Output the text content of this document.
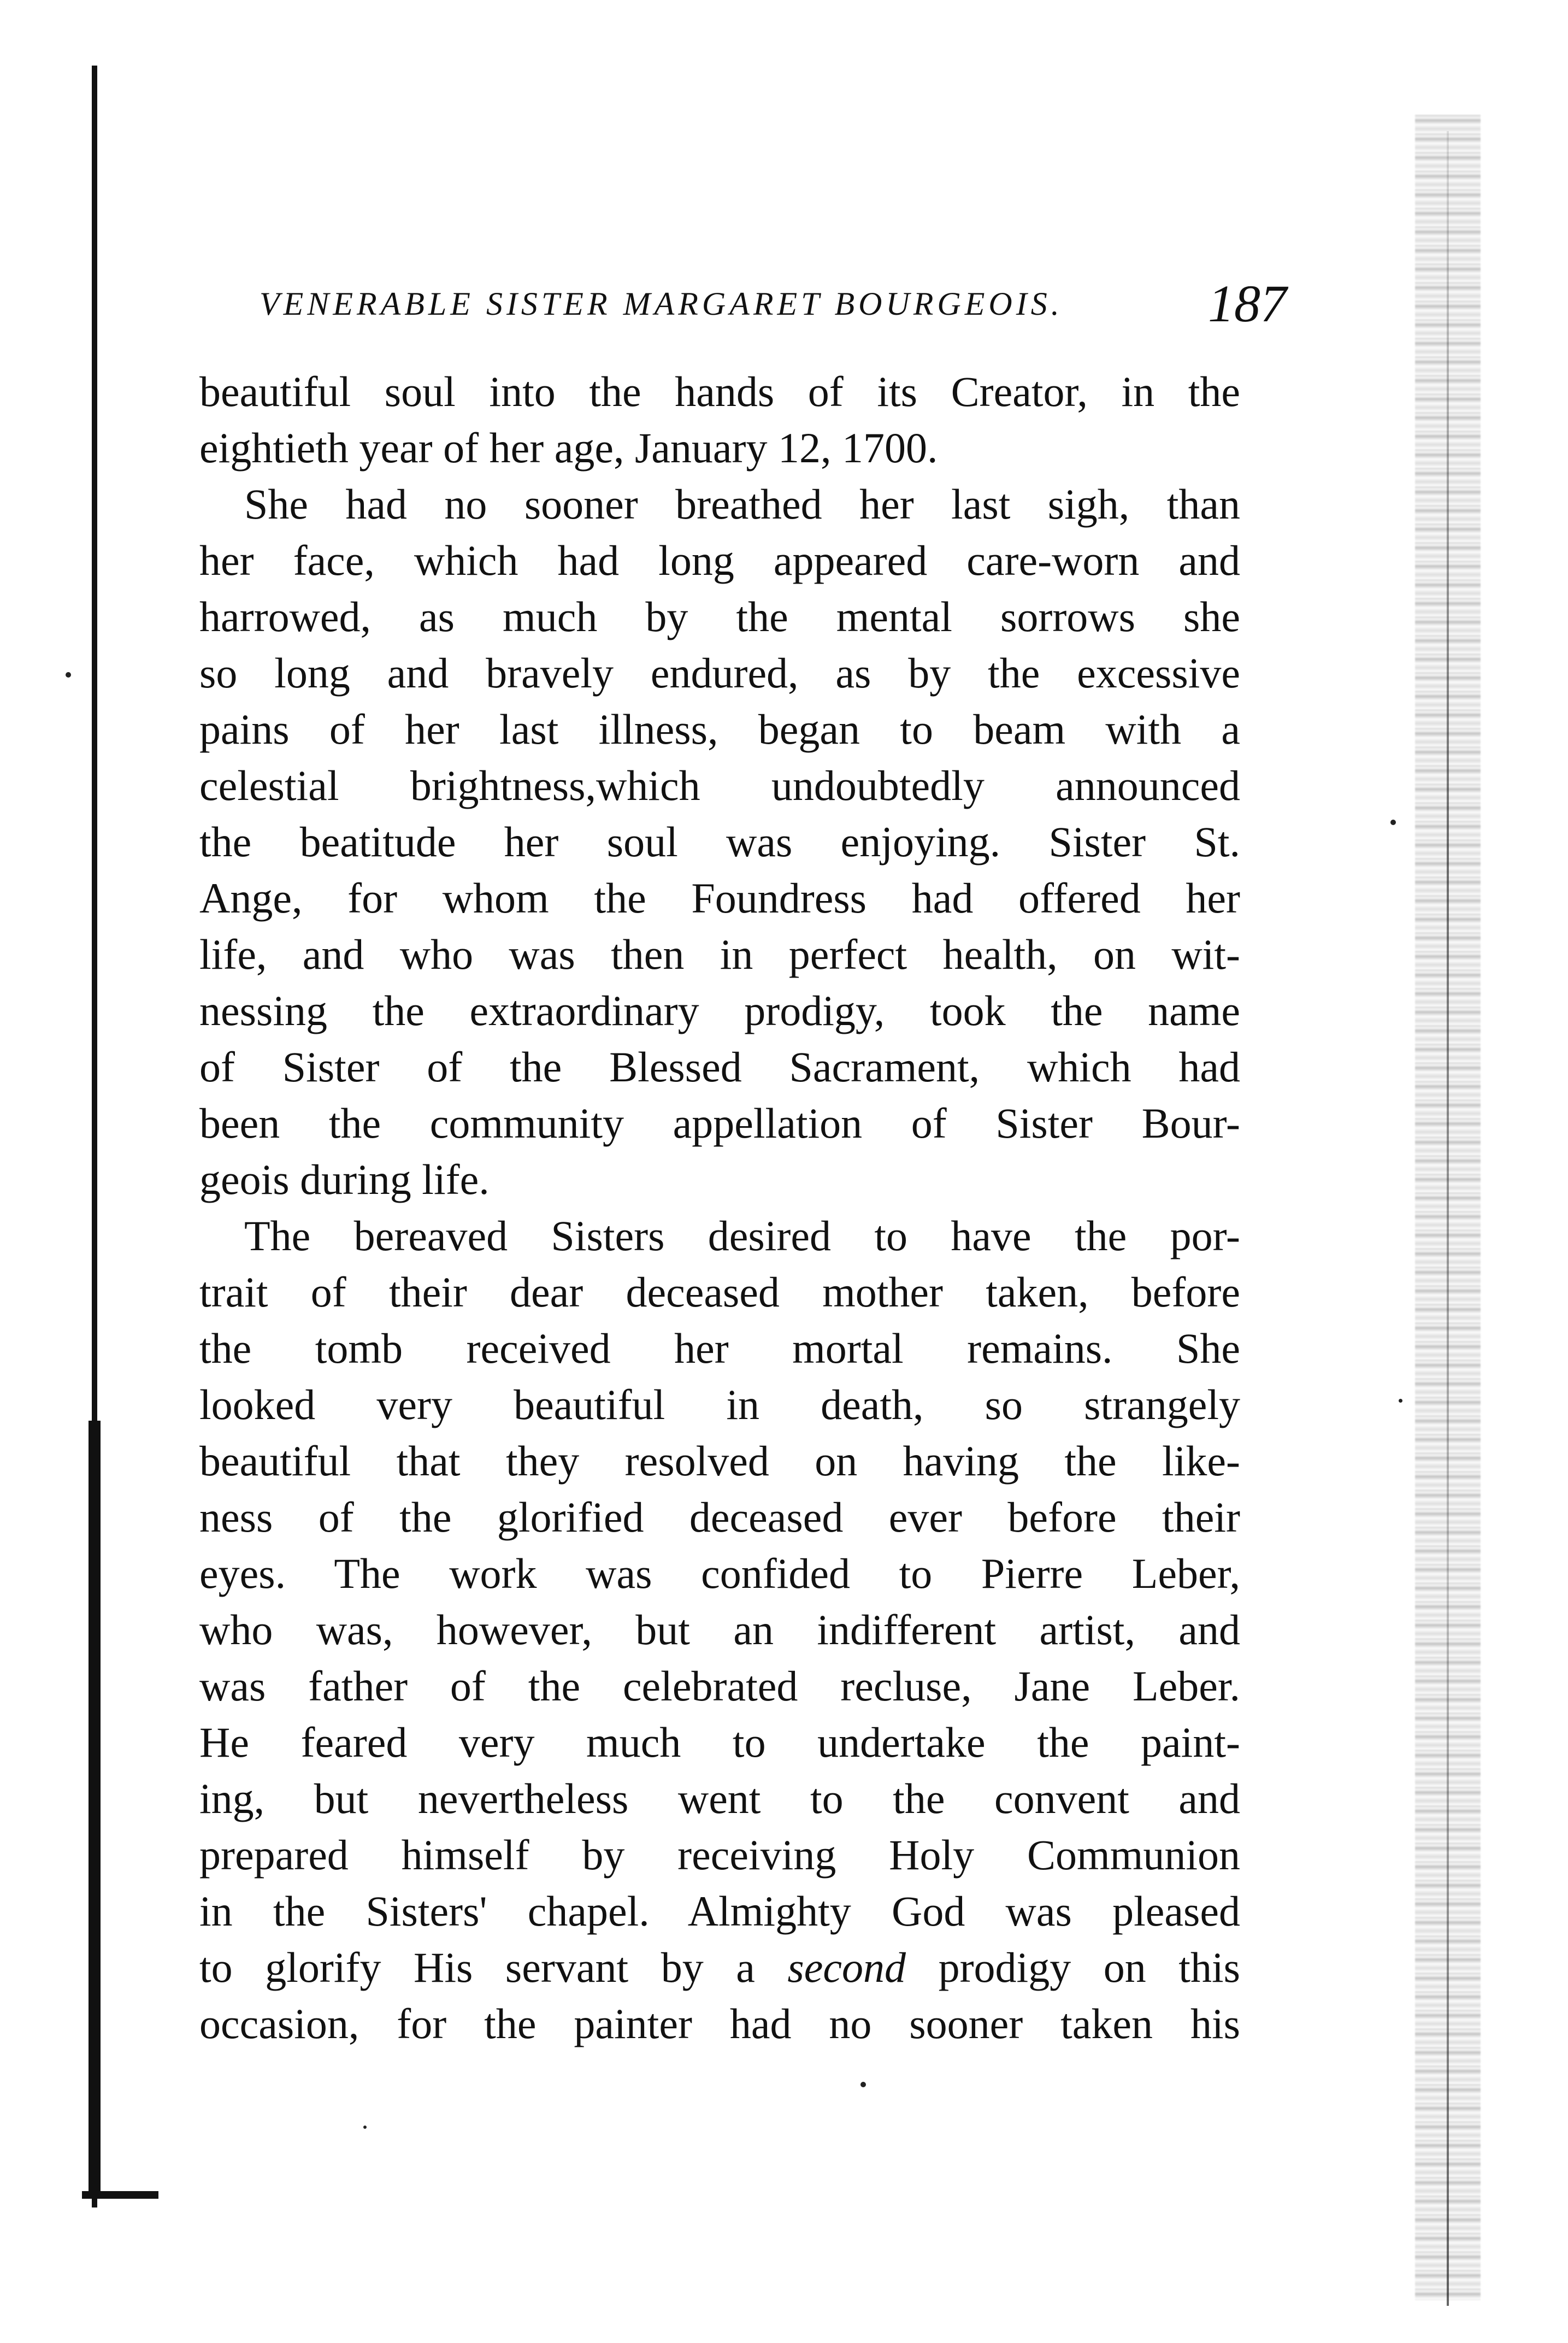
VENERABLE SISTER MARGARET BOURGEOIS.	187
beautiful soul into the hands of its Creator, in the
eightieth year of her age, January 12, 1700.
She had no sooner breathed her last sigh, than
her face, which had long appeared care-worn and
harrowed, as much by the mental sorrows she
so long and bravely endured, as by the excessive
pains of her last illness, began to beam with a
celestial brightness,which undoubtedly announced
the beatitude her soul was enjoying. Sister St.
Ange, for whom the Foundress had offered her
life, and who was then in perfect health, on wit-
nessing the extraordinary prodigy, took the name
of Sister of the Blessed Sacrament, which had
been the community appellation of Sister Bour-
geois during life.
The bereaved Sisters desired to have the por-
trait of their dear deceased mother taken, before
the tomb received her mortal remains. She
looked very beautiful in death, so strangely
beautiful that they resolved on having the like-
ness of the glorified deceased ever before their
eyes. The work was confided to Pierre Leber,
who was, however, but an indifferent artist, and
was father of the celebrated recluse, Jane Leber.
He feared very much to undertake the paint-
ing, but nevertheless went to the convent and
prepared himself by receiving Holy Communion
in the Sisters' chapel. Almighty God was pleased
to glorify His servant by a second prodigy on this
occasion, for the painter had no sooner taken his
